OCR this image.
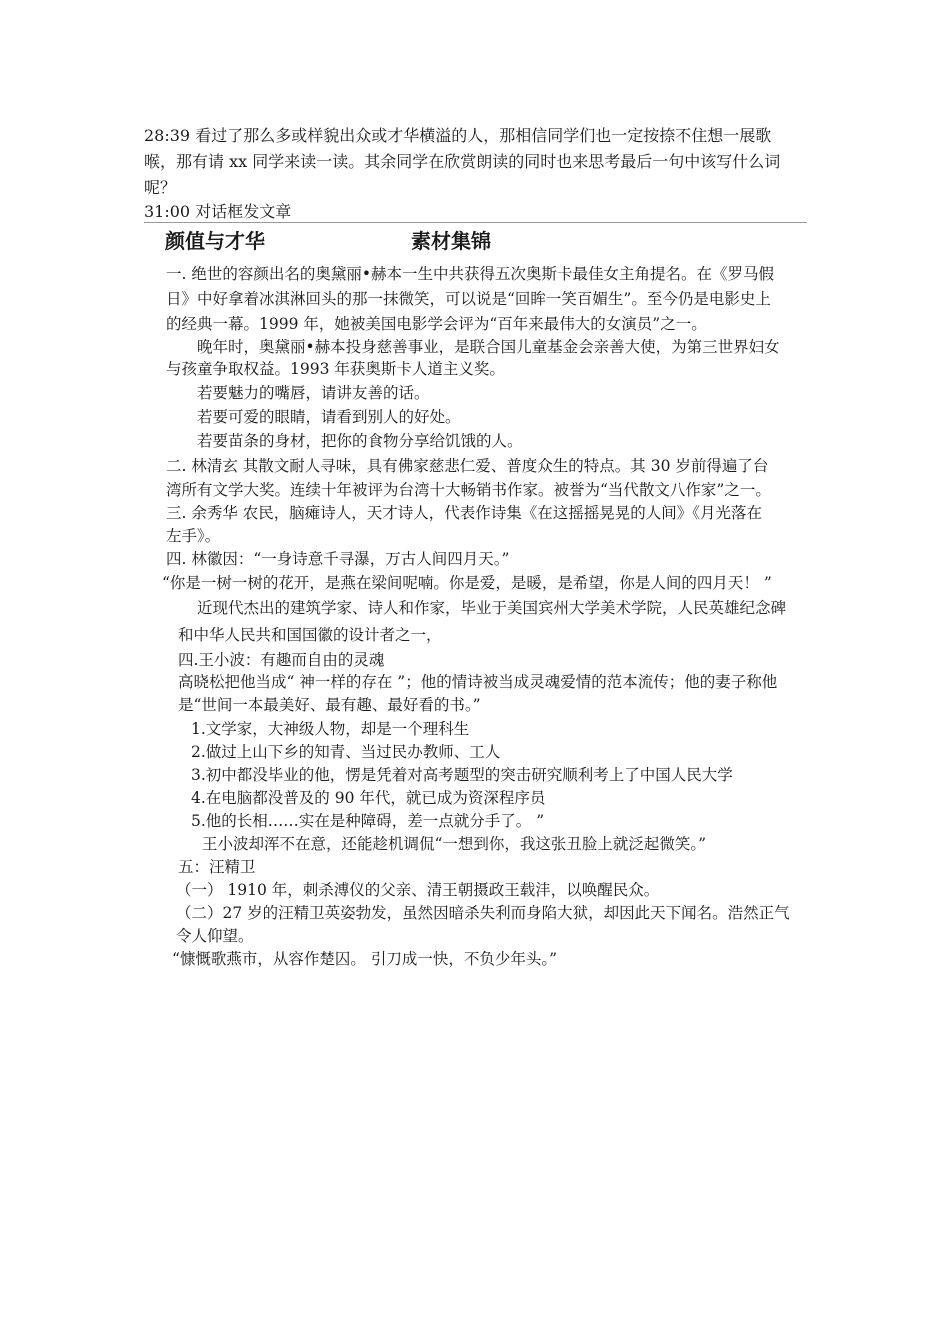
28:39 看过了那么多或样貌出众或才华横溢的人，那相信同学们也一定按捺不住想一展歌
喉，那有请 xx 同学来读一读。其余同学在欣赏朗读的同时也来思考最后一句中该写什么词
呢？
31:00 对话框发文章
颜值与才华	素材集锦
一. 绝世的容颜出名的奥黛丽•赫本一生中共获得五次奥斯卡最佳女主角提名。在《罗马假
日》中好拿着冰淇淋回头的那一抹微笑，可以说是“回眸一笑百媚生”。至今仍是电影史上
的经典一幕。1999 年，她被美国电影学会评为“百年来最伟大的女演员”之一。
晚年时，奥黛丽•赫本投身慈善事业，是联合国儿童基金会亲善大使，为第三世界妇女
与孩童争取权益。1993 年获奥斯卡人道主义奖。
若要魅力的嘴唇，请讲友善的话。
若要可爱的眼睛，请看到别人的好处。
若要苗条的身材，把你的食物分享给饥饿的人。
二. 林清玄 其散文耐人寻味，具有佛家慈悲仁爱、普度众生的特点。其 30 岁前得遍了台
湾所有文学大奖。连续十年被评为台湾十大畅销书作家。被誉为“当代散文八作家”之一。
三. 余秀华 农民，脑瘫诗人，天才诗人，代表作诗集《在这摇摇晃晃的人间》《月光落在
左手》。
四. 林徽因：“一身诗意千寻瀑，万古人间四月天。”
“你是一树一树的花开，是燕在梁间呢喃。你是爱，是暖，是希望，你是人间的四月天！ ”
近现代杰出的建筑学家、诗人和作家，毕业于美国宾州大学美术学院，人民英雄纪念碑
和中华人民共和国国徽的设计者之一，
四.王小波：有趣而自由的灵魂
高晓松把他当成“ 神一样的存在 ”；他的情诗被当成灵魂爱情的范本流传；他的妻子称他
是“世间一本最美好、最有趣、最好看的书。”
1.文学家，大神级人物，却是一个理科生
2.做过上山下乡的知青、当过民办教师、工人
3.初中都没毕业的他，愣是凭着对高考题型的突击研究顺利考上了中国人民大学
4.在电脑都没普及的 90 年代，就已成为资深程序员
5.他的长相……实在是种障碍，差一点就分手了。 ”
王小波却浑不在意，还能趁机调侃“一想到你，我这张丑脸上就泛起微笑。”
五：汪精卫
（一） 1910 年，刺杀溥仪的父亲、清王朝摄政王载沣，以唤醒民众。
（二）27 岁的汪精卫英姿勃发，虽然因暗杀失利而身陷大狱，却因此天下闻名。浩然正气
令人仰望。
“慷慨歌燕市，从容作楚囚。 引刀成一快，不负少年头。”
